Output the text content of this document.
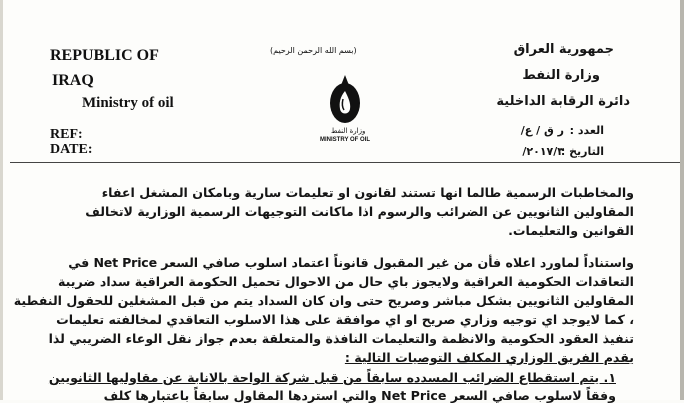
REPUBLIC OF
IRAQ
Ministry of oil
REF:
DATE:
(بسم الله الرحمن الرحيم)
وزارة النفط
MINISTRY OF OIL
جمهورية العراق
وزارة النفط
دائرة الرقابة الداخلية
العدد :
ر ق / ع/
التاريخ :
٢٠١٧/٣/
والمخاطبات الرسمية طالما انها تستند لقانون او تعليمات سارية وبامكان المشغل اعفاء
المقاولين الثانويين عن الضرائب والرسوم اذا ماكانت التوجيهات الرسمية الوزارية لاتخالف
القوانين والتعليمات.
واستناداً لماورد اعلاه فأن من غير المقبول قانوناً اعتماد اسلوب صافي السعر Net Price في
التعاقدات الحكومية العراقية ولايجوز باي حال من الاحوال تحميل الحكومة العراقية سداد ضريبة
المقاولين الثانويين بشكل مباشر وصريح حتى وان كان السداد يتم من قبل المشغلين للحقول النفطية
، كما لايوجد اي توجيه وزاري صريح او اي موافقة على هذا الاسلوب التعاقدي لمخالفته تعليمات
تنفيذ العقود الحكومية والانظمة والتعليمات النافذة والمتعلقة بعدم جواز نقل الوعاء الضريبي لذا
يقدم الفريق الوزاري المكلف التوصيات التالية :
١. يتم استقطاع الضرائب المسدده سابقاً من قبل شركة الواحة بالانابة عن مقاوليها الثانويين
وفقاً لاسلوب صافي السعر Net Price والتي استردها المقاول سابقاً باعتبارها كلف
